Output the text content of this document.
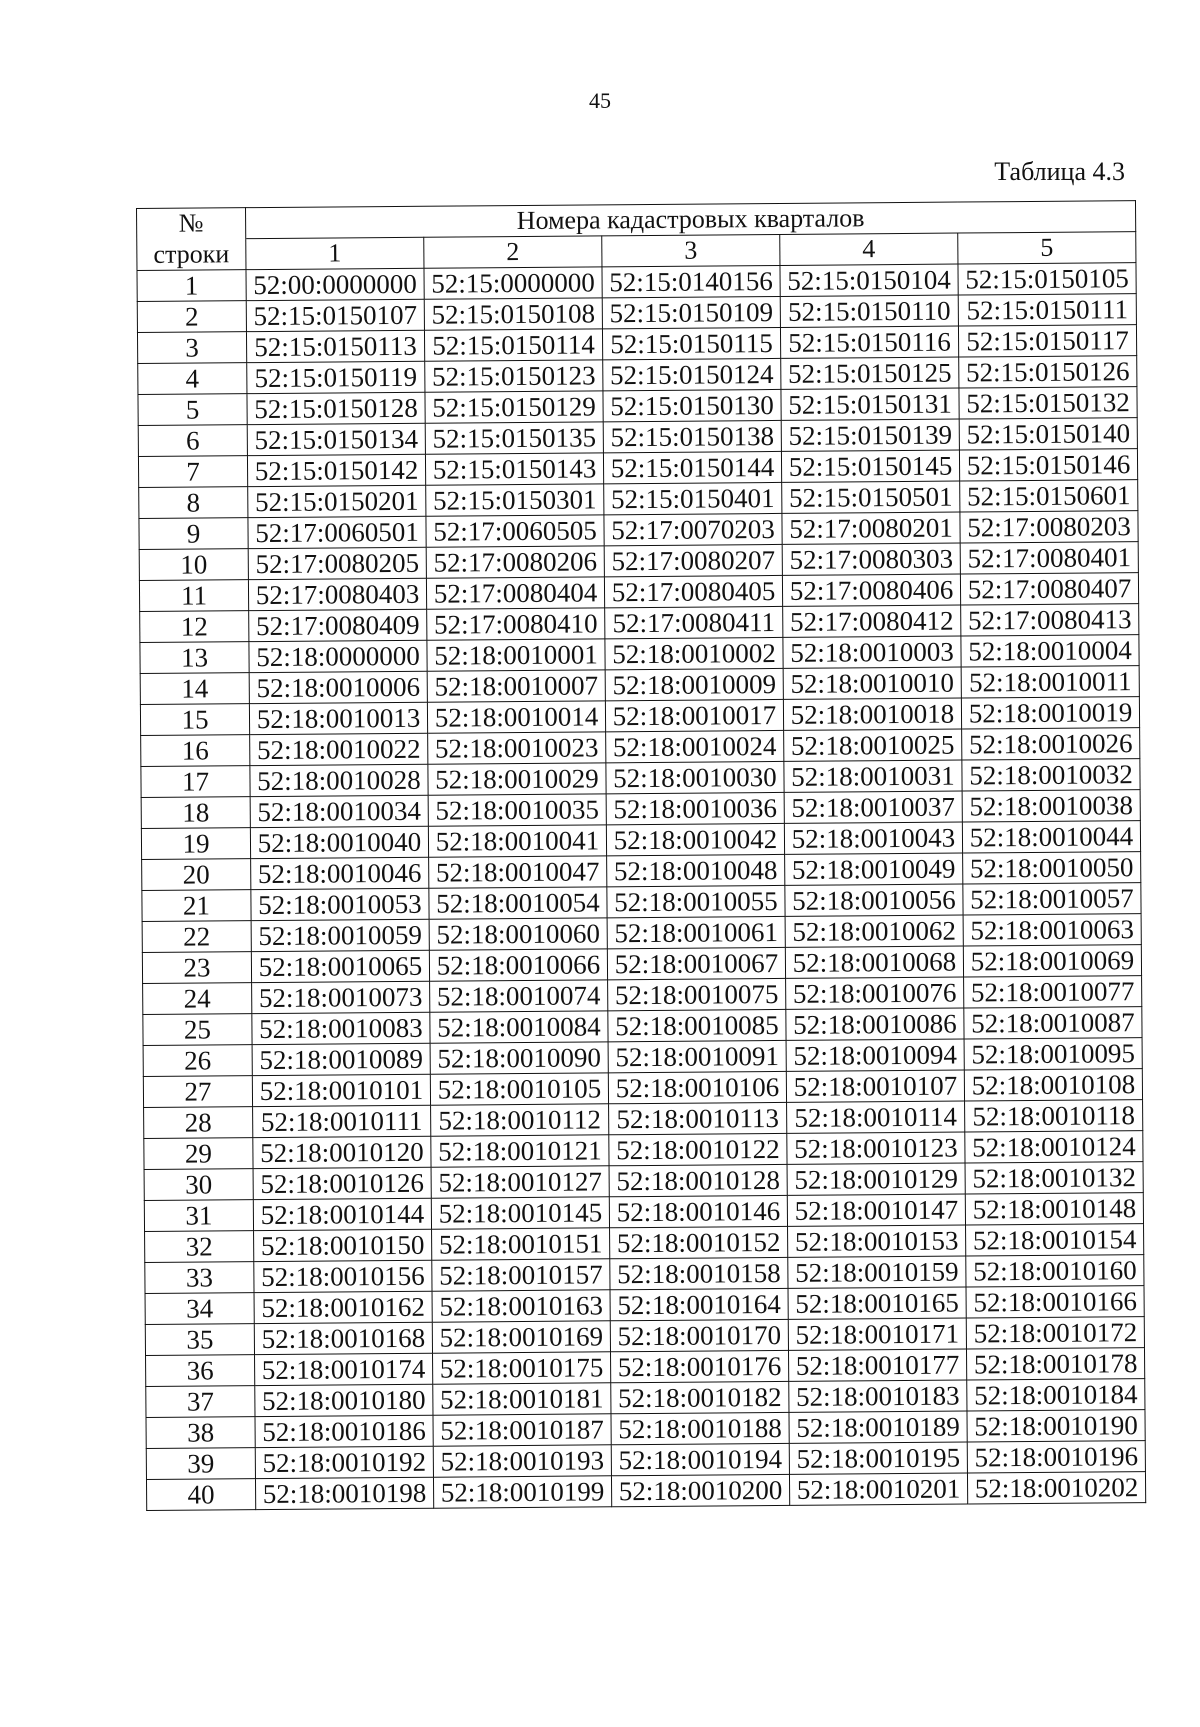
45
Таблица 4.3
№	Номера кадастровых кварталов				
строки	1	2	3	4	5
1	52:00:0000000	52:15:0000000	52:15:0140156	52:15:0150104	52:15:0150105
2	52:15:0150107	52:15:0150108	52:15:0150109	52:15:0150110	52:15:0150111
3	52:15:0150113	52:15:0150114	52:15:0150115	52:15:0150116	52:15:0150117
4	52:15:0150119	52:15:0150123	52:15:0150124	52:15:0150125	52:15:0150126
5	52:15:0150128	52:15:0150129	52:15:0150130	52:15:0150131	52:15:0150132
6	52:15:0150134	52:15:0150135	52:15:0150138	52:15:0150139	52:15:0150140
7	52:15:0150142	52:15:0150143	52:15:0150144	52:15:0150145	52:15:0150146
8	52:15:0150201	52:15:0150301	52:15:0150401	52:15:0150501	52:15:0150601
9	52:17:0060501	52:17:0060505	52:17:0070203	52:17:0080201	52:17:0080203
10	52:17:0080205	52:17:0080206	52:17:0080207	52:17:0080303	52:17:0080401
11	52:17:0080403	52:17:0080404	52:17:0080405	52:17:0080406	52:17:0080407
12	52:17:0080409	52:17:0080410	52:17:0080411	52:17:0080412	52:17:0080413
13	52:18:0000000	52:18:0010001	52:18:0010002	52:18:0010003	52:18:0010004
14	52:18:0010006	52:18:0010007	52:18:0010009	52:18:0010010	52:18:0010011
15	52:18:0010013	52:18:0010014	52:18:0010017	52:18:0010018	52:18:0010019
16	52:18:0010022	52:18:0010023	52:18:0010024	52:18:0010025	52:18:0010026
17	52:18:0010028	52:18:0010029	52:18:0010030	52:18:0010031	52:18:0010032
18	52:18:0010034	52:18:0010035	52:18:0010036	52:18:0010037	52:18:0010038
19	52:18:0010040	52:18:0010041	52:18:0010042	52:18:0010043	52:18:0010044
20	52:18:0010046	52:18:0010047	52:18:0010048	52:18:0010049	52:18:0010050
21	52:18:0010053	52:18:0010054	52:18:0010055	52:18:0010056	52:18:0010057
22	52:18:0010059	52:18:0010060	52:18:0010061	52:18:0010062	52:18:0010063
23	52:18:0010065	52:18:0010066	52:18:0010067	52:18:0010068	52:18:0010069
24	52:18:0010073	52:18:0010074	52:18:0010075	52:18:0010076	52:18:0010077
25	52:18:0010083	52:18:0010084	52:18:0010085	52:18:0010086	52:18:0010087
26	52:18:0010089	52:18:0010090	52:18:0010091	52:18:0010094	52:18:0010095
27	52:18:0010101	52:18:0010105	52:18:0010106	52:18:0010107	52:18:0010108
28	52:18:0010111	52:18:0010112	52:18:0010113	52:18:0010114	52:18:0010118
29	52:18:0010120	52:18:0010121	52:18:0010122	52:18:0010123	52:18:0010124
30	52:18:0010126	52:18:0010127	52:18:0010128	52:18:0010129	52:18:0010132
31	52:18:0010144	52:18:0010145	52:18:0010146	52:18:0010147	52:18:0010148
32	52:18:0010150	52:18:0010151	52:18:0010152	52:18:0010153	52:18:0010154
33	52:18:0010156	52:18:0010157	52:18:0010158	52:18:0010159	52:18:0010160
34	52:18:0010162	52:18:0010163	52:18:0010164	52:18:0010165	52:18:0010166
35	52:18:0010168	52:18:0010169	52:18:0010170	52:18:0010171	52:18:0010172
36	52:18:0010174	52:18:0010175	52:18:0010176	52:18:0010177	52:18:0010178
37	52:18:0010180	52:18:0010181	52:18:0010182	52:18:0010183	52:18:0010184
38	52:18:0010186	52:18:0010187	52:18:0010188	52:18:0010189	52:18:0010190
39	52:18:0010192	52:18:0010193	52:18:0010194	52:18:0010195	52:18:0010196
40	52:18:0010198	52:18:0010199	52:18:0010200	52:18:0010201	52:18:0010202
